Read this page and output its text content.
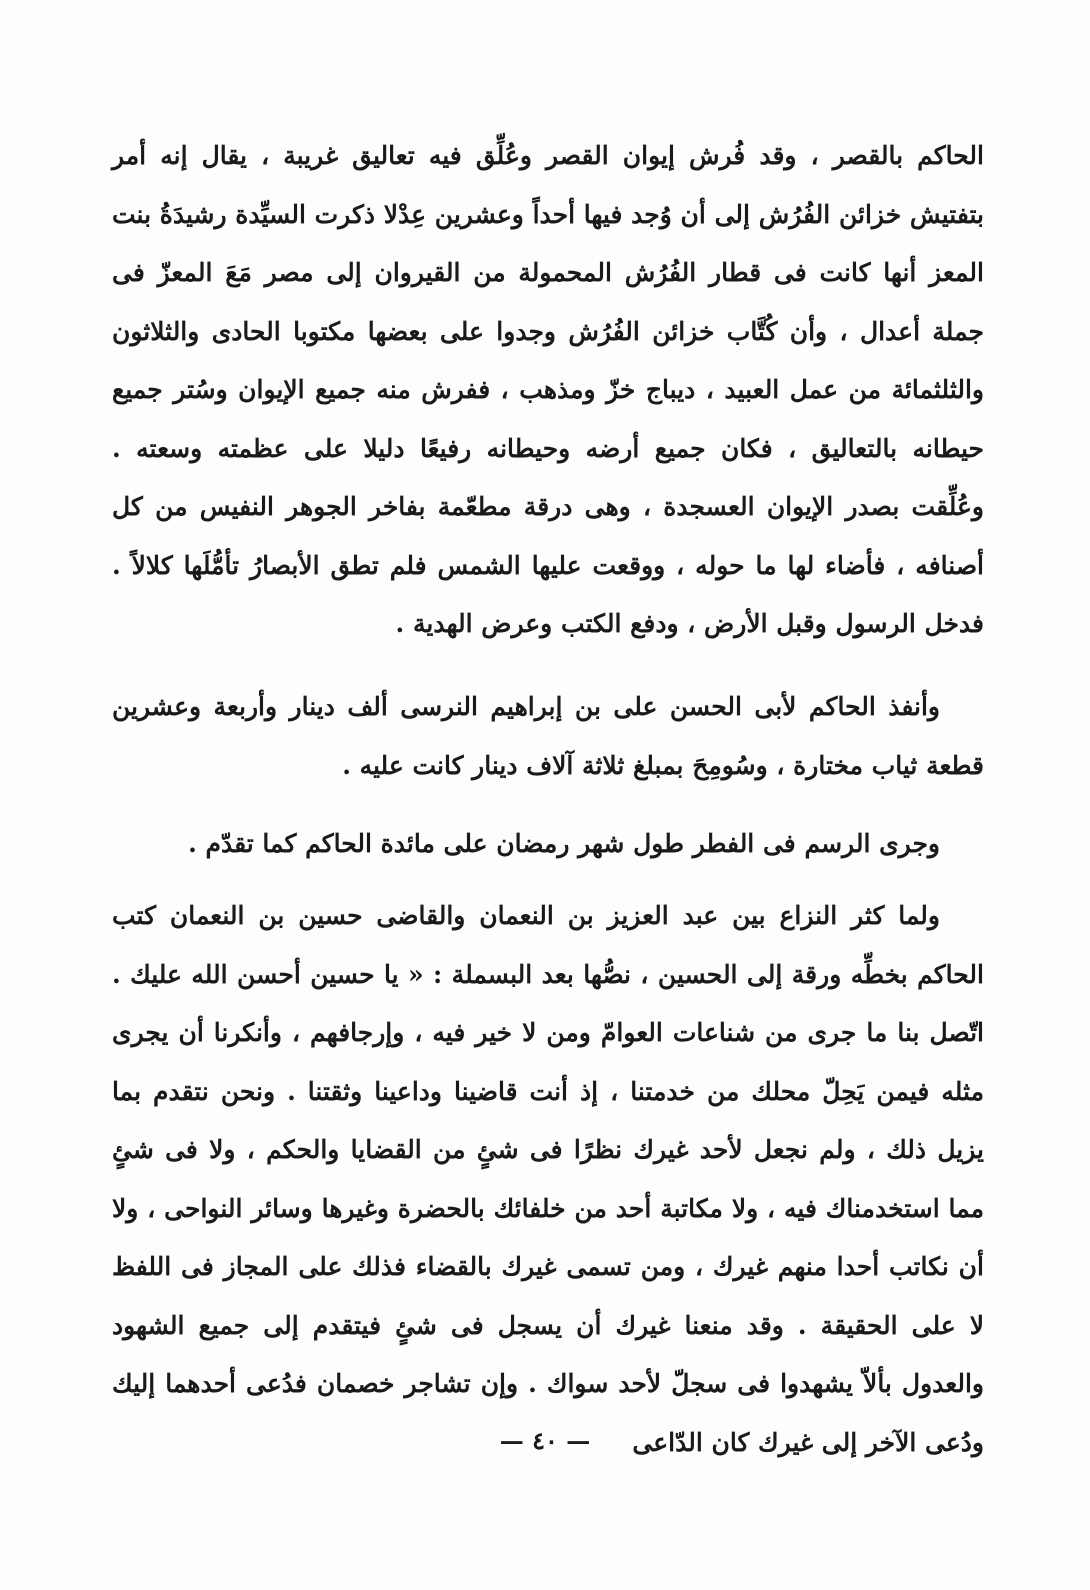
الحاكم بالقصر ، وقد فُرش إيوان القصر وعُلِّق فيه تعاليق غريبة ، يقال إنه أمر بتفتيش خزائن الفُرُش إلى أن وُجد فيها أحداً وعشرين عِدْلا ذكرت السيِّدة رشيدَةُ بنت المعز أنها كانت فى قطار الفُرُش المحمولة من القيروان إلى مصر مَعَ المعزّ فى جملة أعدال ، وأن كُتَّاب خزائن الفُرُش وجدوا على بعضها مكتوبا الحادى والثلاثون والثلثمائة من عمل العبيد ، ديباج خزّ ومذهب ، ففرش منه جميع الإيوان وسُتر جميع حيطانه بالتعاليق ، فكان جميع أرضه وحيطانه رفيعًا دليلا على عظمته وسعته . وعُلِّقت بصدر الإيوان العسجدة ، وهى درقة مطعّمة بفاخر الجوهر النفيس من كل أصنافه ، فأضاء لها ما حوله ، ووقعت عليها الشمس فلم تطق الأبصارُ تأمُّلَها كلالاً . فدخل الرسول وقبل الأرض ، ودفع الكتب وعرض الهدية .

وأنفذ الحاكم لأبى الحسن على بن إبراهيم النرسى ألف دينار وأربعة وعشرين قطعة ثياب مختارة ، وسُومِحَ بمبلغ ثلاثة آلاف دينار كانت عليه .

وجرى الرسم فى الفطر طول شهر رمضان على مائدة الحاكم كما تقدّم .

ولما كثر النزاع بين عبد العزيز بن النعمان والقاضى حسين بن النعمان كتب الحاكم بخطِّه ورقة إلى الحسين ، نصُّها بعد البسملة : « يا حسين أحسن الله عليك . اتّصل بنا ما جرى من شناعات العوامّ ومن لا خير فيه ، وإرجافهم ، وأنكرنا أن يجرى مثله فيمن يَحِلّ محلك من خدمتنا ، إذ أنت قاضينا وداعينا وثقتنا . ونحن نتقدم بما يزيل ذلك ، ولم نجعل لأحد غيرك نظرًا فى شئٍ من القضايا والحكم ، ولا فى شئٍ مما استخدمناك فيه ، ولا مكاتبة أحد من خلفائك بالحضرة وغيرها وسائر النواحى ، ولا أن نكاتب أحدا منهم غيرك ، ومن تسمى غيرك بالقضاء فذلك على المجاز فى اللفظ لا على الحقيقة . وقد منعنا غيرك أن يسجل فى شئٍ فيتقدم إلى جميع الشهود والعدول بألاّ يشهدوا فى سجلّ لأحد سواك . وإن تشاجر خصمان فدُعى أحدهما إليك ودُعى الآخر إلى غيرك كان الدّاعى

— ٤٠ —
